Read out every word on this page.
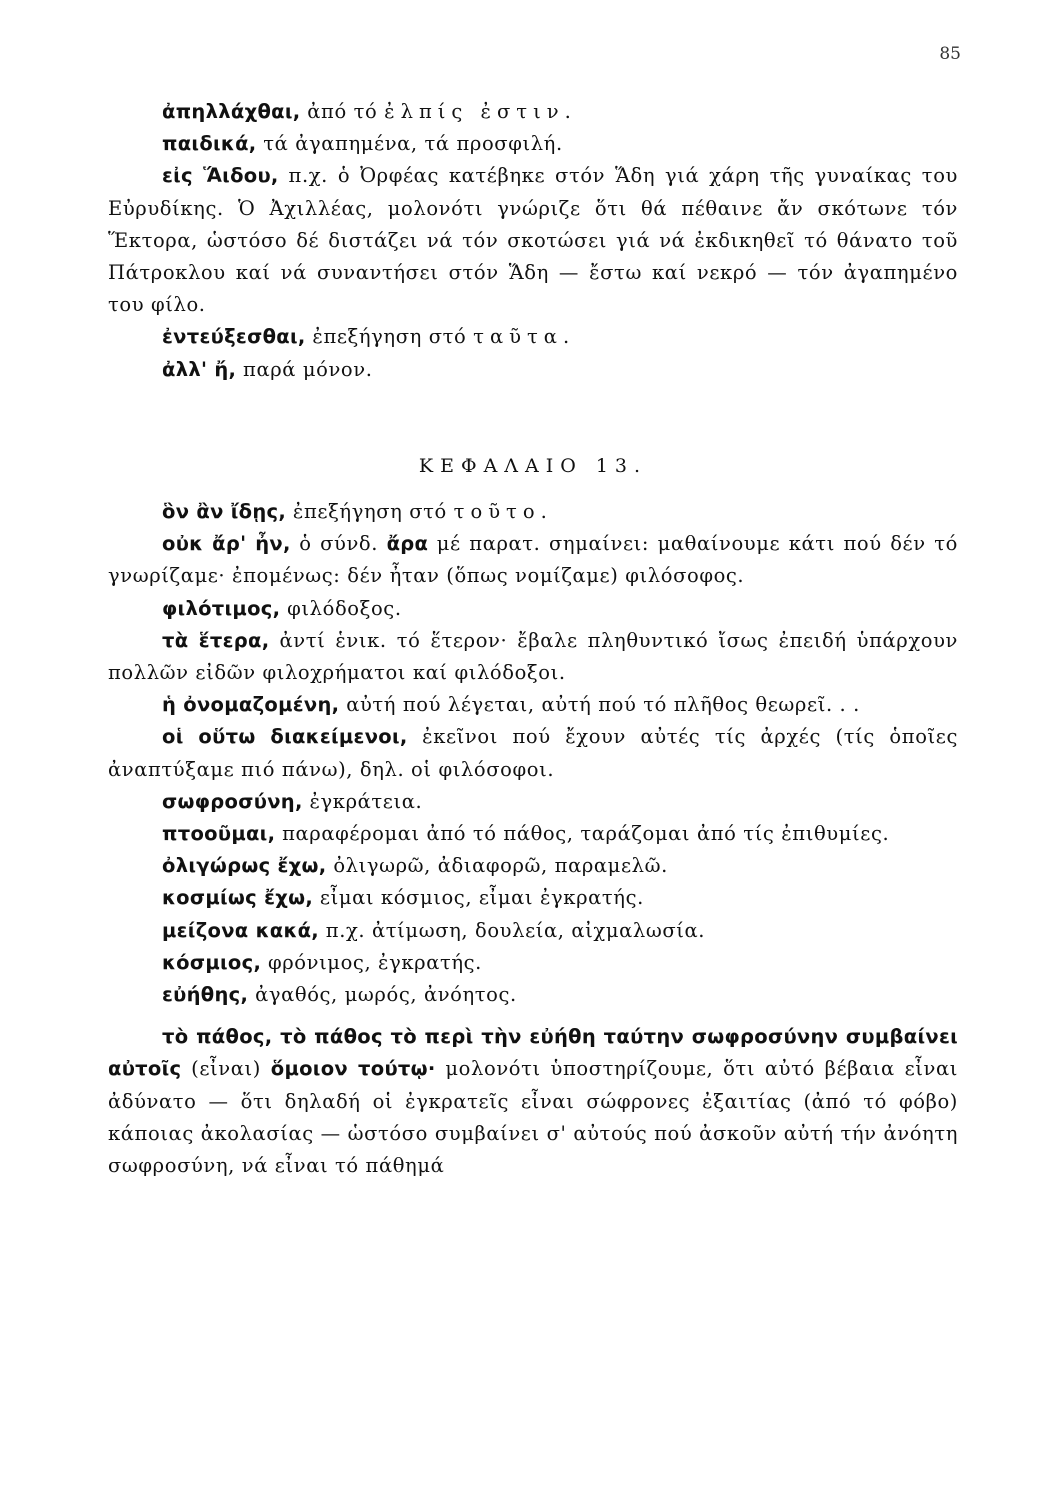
85

ἀπηλλάχθαι, ἀπό τό ἐλπίς ἐστιν.

παιδικά, τά ἀγαπημένα, τά προσφιλή.

εἰς Ἅιδου, π.χ. ὁ Ὀρφέας κατέβηκε στόν Ἅδη γιά χάρη τῆς γυναίκας του Εὐρυδίκης. Ὁ Ἀχιλλέας, μολονότι γνώριζε ὅτι θά πέθαινε ἄν σκότωνε τόν Ἕκτορα, ὡστόσο δέ διστάζει νά τόν σκοτώσει γιά νά ἐκδικηθεῖ τό θάνατο τοῦ Πάτροκλου καί νά συναντήσει στόν Ἅδη — ἔστω καί νεκρό — τόν ἀγαπημένο του φίλο.

ἐντεύξεσθαι, ἐπεξήγηση στό ταῦτα.

ἀλλ' ἤ, παρά μόνον.

ΚΕΦΑΛΑΙΟ 13.

ὃν ἂν ἴδῃς, ἐπεξήγηση στό τοῦτο.

οὐκ ἄρ' ἦν, ὁ σύνδ. ἄρα μέ παρατ. σημαίνει: μαθαίνουμε κάτι πού δέν τό γνωρίζαμε· ἐπομένως: δέν ἦταν (ὅπως νομίζαμε) φιλόσοφος.

φιλότιμος, φιλόδοξος.

τὰ ἕτερα, ἀντί ἑνικ. τό ἕτερον· ἔβαλε πληθυντικό ἴσως ἐπειδή ὑπάρχουν πολλῶν εἰδῶν φιλοχρήματοι καί φιλόδοξοι.

ἡ ὀνομαζομένη, αὐτή πού λέγεται, αὐτή πού τό πλῆθος θεωρεῖ. . .

οἱ οὕτω διακείμενοι, ἐκεῖνοι πού ἔχουν αὐτές τίς ἀρχές (τίς ὁποῖες ἀναπτύξαμε πιό πάνω), δηλ. οἱ φιλόσοφοι.

σωφροσύνη, ἐγκράτεια.

πτοοῦμαι, παραφέρομαι ἀπό τό πάθος, ταράζομαι ἀπό τίς ἐπιθυμίες.

ὀλιγώρως ἔχω, ὀλιγωρῶ, ἀδιαφορῶ, παραμελῶ.

κοσμίως ἔχω, εἶμαι κόσμιος, εἶμαι ἐγκρατής.

μείζονα κακά, π.χ. ἀτίμωση, δουλεία, αἰχμαλωσία.

κόσμιος, φρόνιμος, ἐγκρατής.

εὐήθης, ἀγαθός, μωρός, ἀνόητος.

τὸ πάθος, τὸ πάθος τὸ περὶ τὴν εὐήθη ταύτην σωφροσύνην συμβαίνει αὐτοῖς (εἶναι) ὅμοιον τούτῳ· μολονότι ὑποστηρίζουμε, ὅτι αὐτό βέβαια εἶναι ἀδύνατο — ὅτι δηλαδή οἱ ἐγκρατεῖς εἶναι σώφρονες ἐξαιτίας (ἀπό τό φόβο) κάποιας ἀκολασίας — ὡστόσο συμβαίνει σ' αὐτούς πού ἀσκοῦν αὐτή τήν ἀνόητη σωφροσύνη, νά εἶναι τό πάθημά
